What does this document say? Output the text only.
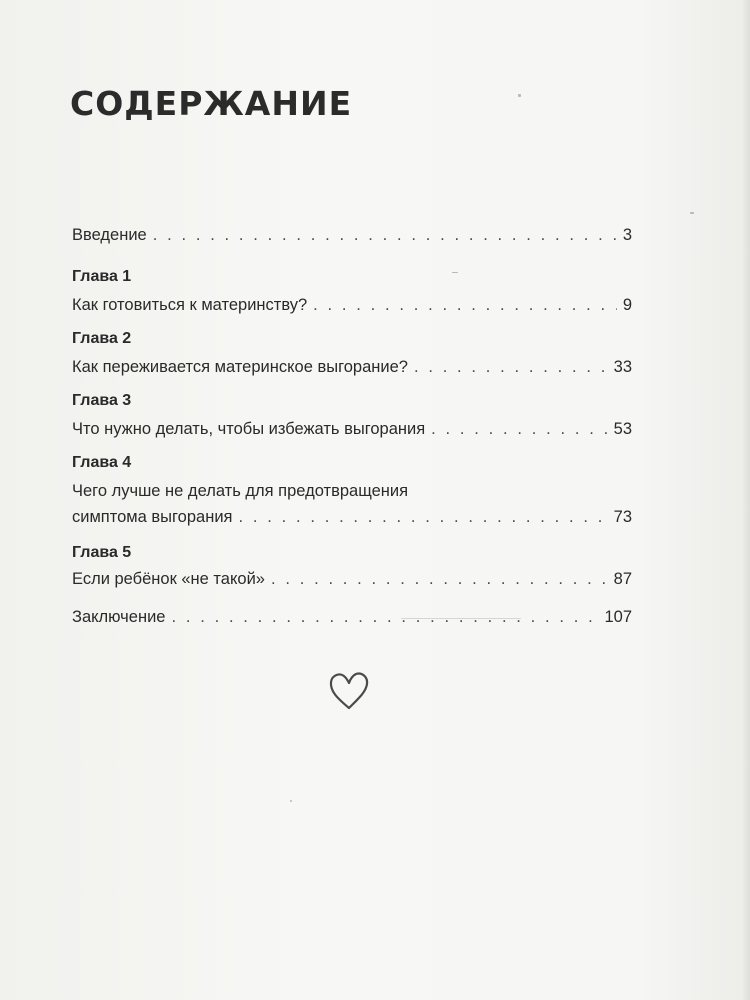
СОДЕРЖАНИЕ
Введение . . .	3
Глава 1
Как готовиться к материнству? . . .	9
Глава 2
Как переживается материнское выгорание? . . .	33
Глава 3
Что нужно делать, чтобы избежать выгорания . . .	53
Глава 4
Чего лучше не делать для предотвращения
симптома выгорания . . .	73
Глава 5
Если ребёнок «не такой» . . .	87
Заключение . . .	107
